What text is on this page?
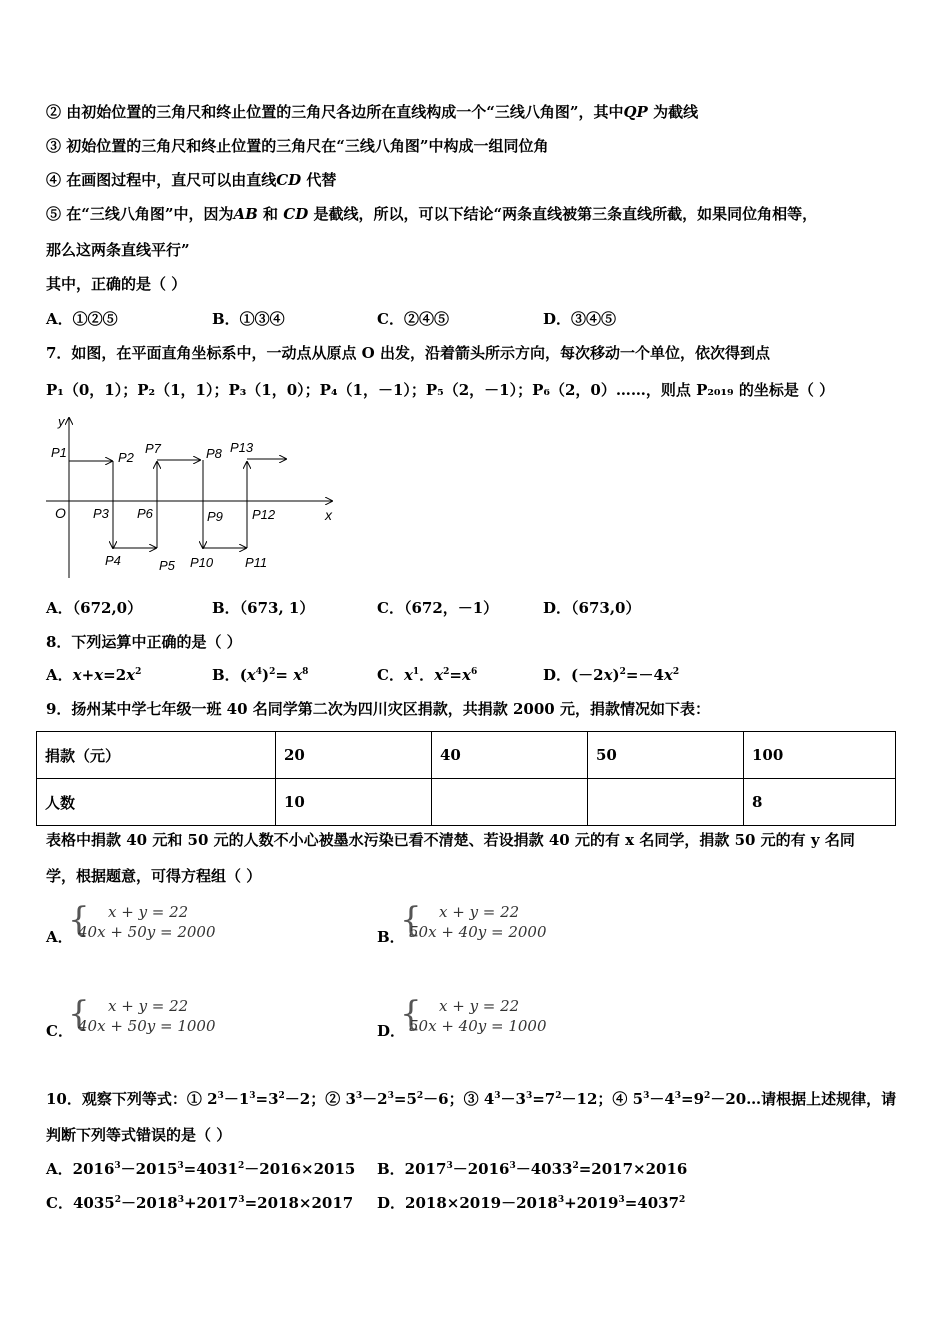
② 由初始位置的三角尺和终止位置的三角尺各边所在直线构成一个“三线八角图”，其中QP 为截线
③ 初始位置的三角尺和终止位置的三角尺在“三线八角图”中构成一组同位角
④ 在画图过程中，直尺可以由直线CD 代替
⑤ 在“三线八角图”中，因为AB 和 CD 是截线，所以，可以下结论“两条直线被第三条直线所截，如果同位角相等，
那么这两条直线平行”
其中，正确的是（ ）
A．①②⑤	B．①③④	C．②④⑤	D．③④⑤
7．如图，在平面直角坐标系中，一动点从原点 O 出发，沿着箭头所示方向，每次移动一个单位，依次得到点
P₁（0，1）；P₂（1，1）；P₃（1，0）；P₄（1，－1）；P₅（2，－1）；P₆（2，0）……，则点 P₂₀₁₉ 的坐标是（ ）
y
x
O
P1	P2
P7	P8 P13
P3 P6	P9 P12
P4	P5 P10 P11
A．（672,0）	B．（673, 1）	C．（672，－1）	D．（673,0）
8．下列运算中正确的是（ ）
A．$x+x=2x^2$	B．$(x^4)^2= x^8$	C．$x^1$．$x^2=x^6$	D．$(-2x)^2=-4x^2$
9．扬州某中学七年级一班 40 名同学第二次为四川灾区捐款，共捐款 2000 元，捐款情况如下表：
捐款（元）	20	40	50	100
人数	10			8
表格中捐款 40 元和 50 元的人数不小心被墨水污染已看不清楚、若设捐款 40 元的有 x 名同学，捐款 50 元的有 y 名同
学，根据题意，可得方程组（ ）
A．
{ x + y = 22
40x + 50y = 2000	B．
{ x + y = 22
50x + 40y = 2000
C．
{ x + y = 22
40x + 50y = 1000	D．
{ x + y = 22
50x + 40y = 1000
10．观察下列等式：① $2^3-1^3=3^2-2$；② $3^3-2^3=5^2-6$；③ $4^3-3^3=7^2-12$；④ $5^3-4^3=9^2-20\dots$请根据上述规律，请
判断下列等式错误的是（ ）
A．$2016^3-2015^3=4031^2-2016\times 2015$ B．$2017^3-2016^3-4033^2=2017\times 2016$
C．$4035^2-2018^3+2017^3=2018\times 2017$ D．$2018\times 2019-2018^3+2019^3=4037^2$
